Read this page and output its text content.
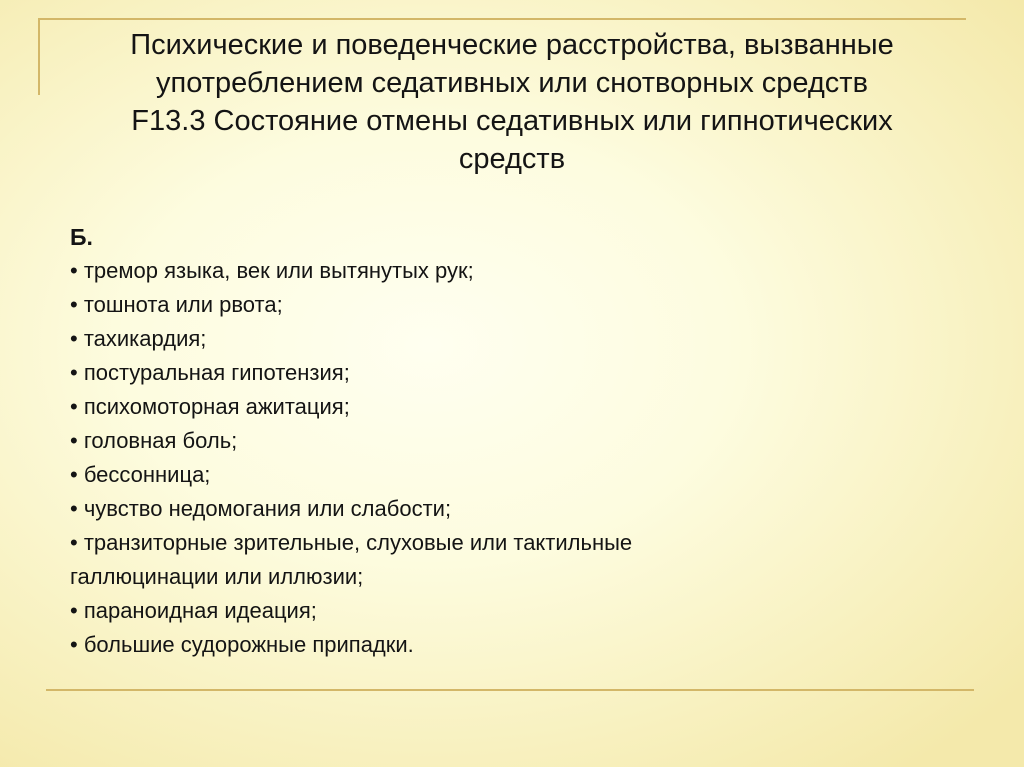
Психические и поведенческие расстройства, вызванные
употреблением седативных или снотворных средств
F13.3 Состояние отмены седативных или гипнотических
средств
Б.
• тремор языка, век или вытянутых рук;
• тошнота или рвота;
• тахикардия;
• постуральная гипотензия;
• психомоторная ажитация;
• головная боль;
• бессонница;
• чувство недомогания или слабости;
• транзиторные зрительные, слуховые или тактильные
галлюцинации или иллюзии;
• параноидная идеация;
• большие судорожные припадки.
